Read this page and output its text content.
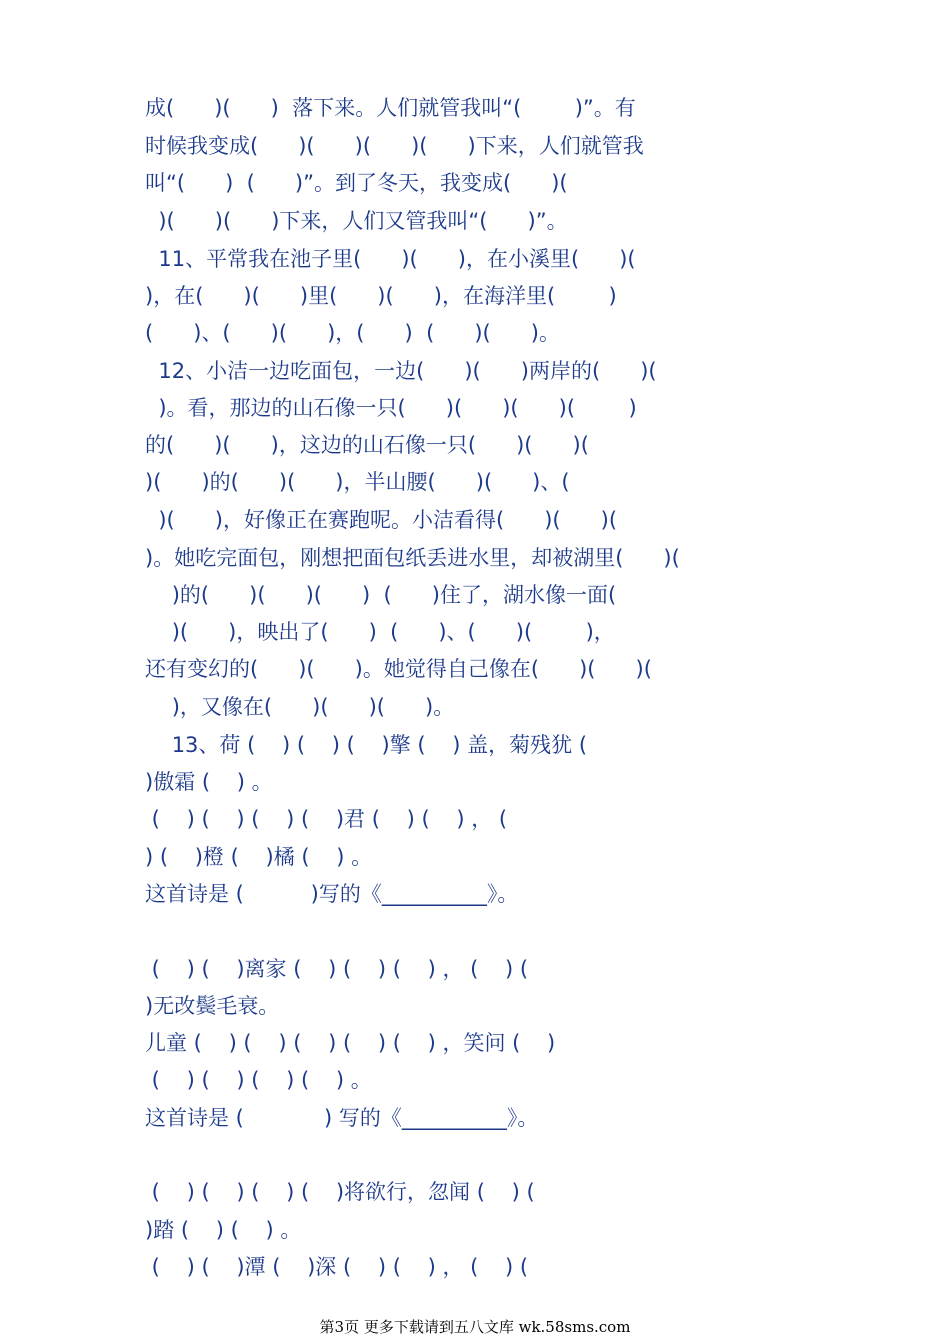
成(      )(      )  落下来。人们就管我叫“(        )”。有
时候我变成(      )(      )(      )(      )下来，人们就管我
叫“(      )  (      )”。到了冬天，我变成(      )(
)(      )(      )下来，人们又管我叫“(      )”。
11、平常我在池子里(      )(      )，在小溪里(      )(
)，在(      )(      )里(      )(      )，在海洋里(        )
(      )、(      )(      )，(      )  (      )(      )。
12、小洁一边吃面包，一边(      )(      )两岸的(      )(
)。看，那边的山石像一只(      )(      )(      )(        )
的(      )(      )，这边的山石像一只(      )(      )(
)(      )的(      )(      )，半山腰(      )(      )、(
)(      )，好像正在赛跑呢。小洁看得(      )(      )(
)。她吃完面包，刚想把面包纸丢进水里，却被湖里(      )(
)的(      )(      )(      )  (      )住了，湖水像一面(
)(      )，映出了(      )  (      )、(      )(        )，
还有变幻的(      )(      )。她觉得自己像在(      )(      )(
)，又像在(      )(      )(      )。
13、荷 (    ) (    ) (    )擎 (    ) 盖，菊残犹 (
)傲霜 (    ) 。
(    ) (    ) (    ) (    )君 (    ) (    ) ， (
) (    )橙 (    )橘 (    ) 。
这首诗是 (          )写的《__________》。
(    ) (    )离家 (    ) (    ) (    ) ， (    ) (
)无改鬓毛衰。
儿童 (    ) (    ) (    ) (    ) (    ) ，笑问 (    )
(    ) (    ) (    ) (    ) 。
这首诗是 (            ) 写的《__________》。
(    ) (    ) (    ) (    )将欲行，忽闻 (    ) (
)踏 (    ) (    ) 。
(    ) (    )潭 (    )深 (    ) (    ) ， (    ) (
第3页 更多下载请到五八文库 wk.58sms.com
